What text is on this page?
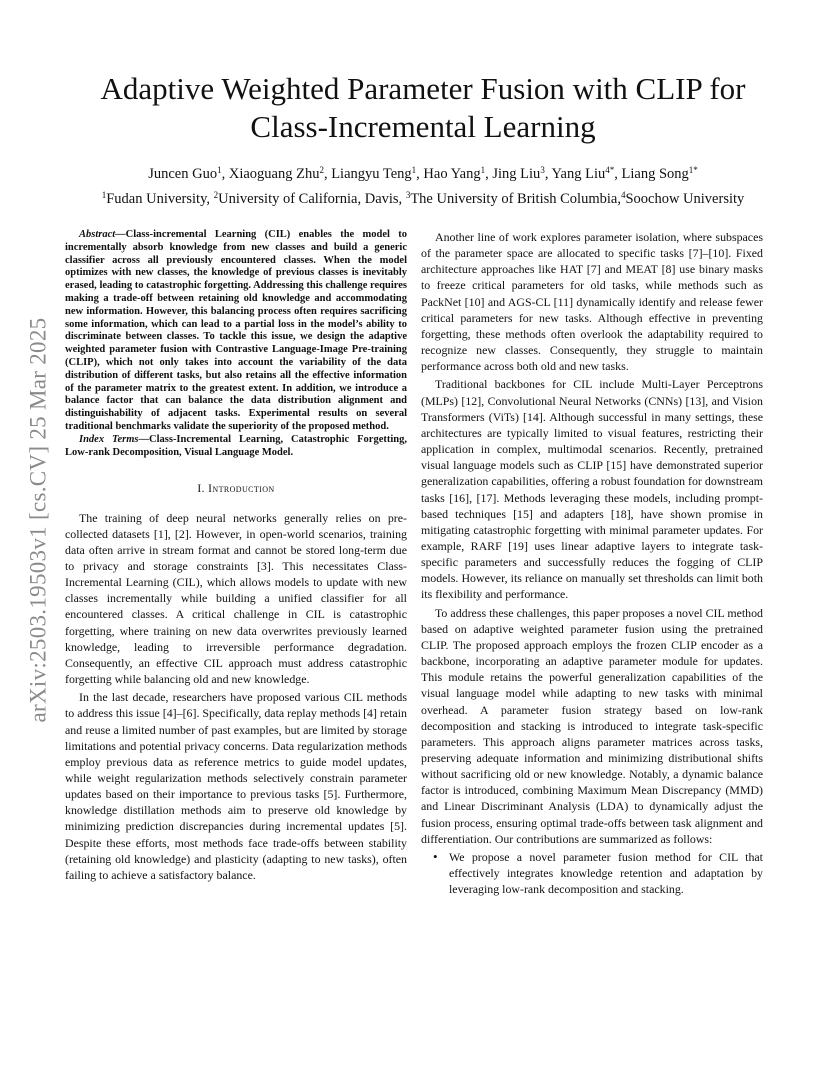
arXiv:2503.19503v1 [cs.CV] 25 Mar 2025
Adaptive Weighted Parameter Fusion with CLIP for
Class-Incremental Learning
Juncen Guo$^1$, Xiaoguang Zhu$^2$, Liangyu Teng$^1$, Hao Yang$^1$, Jing Liu$^3$, Yang Liu$^{4*}$, Liang Song$^{1*}$
$^1$Fudan University, $^2$University of California, Davis, $^3$The University of British Columbia,$^4$Soochow University

Abstract—Class-incremental Learning (CIL) enables the model to incrementally absorb knowledge from new classes and build a generic classifier across all previously encountered classes. When the model optimizes with new classes, the knowledge of previous classes is inevitably erased, leading to catastrophic forgetting. Addressing this challenge requires making a trade-off between retaining old knowledge and accommodating new information. However, this balancing process often requires sacrificing some information, which can lead to a partial loss in the model’s ability to discriminate between classes. To tackle this issue, we design the adaptive weighted parameter fusion with Contrastive Language-Image Pre-training (CLIP), which not only takes into account the variability of the data distribution of different tasks, but also retains all the effective information of the parameter matrix to the greatest extent. In addition, we introduce a balance factor that can balance the data distribution alignment and distinguishability of adjacent tasks. Experimental results on several traditional benchmarks validate the superiority of the proposed method.

Index Terms—Class-Incremental Learning, Catastrophic Forgetting, Low-rank Decomposition, Visual Language Model.

I. Introduction

The training of deep neural networks generally relies on pre-collected datasets [1], [2]. However, in open-world scenarios, training data often arrive in stream format and cannot be stored long-term due to privacy and storage constraints [3]. This necessitates Class-Incremental Learning (CIL), which allows models to update with new classes incrementally while building a unified classifier for all encountered classes. A critical challenge in CIL is catastrophic forgetting, where training on new data overwrites previously learned knowledge, leading to irreversible performance degradation. Consequently, an effective CIL approach must address catastrophic forgetting while balancing old and new knowledge.

In the last decade, researchers have proposed various CIL methods to address this issue [4]–[6]. Specifically, data replay methods [4] retain and reuse a limited number of past examples, but are limited by storage limitations and potential privacy concerns. Data regularization methods employ previous data as reference metrics to guide model updates, while weight regularization methods selectively constrain parameter updates based on their importance to previous tasks [5]. Furthermore, knowledge distillation methods aim to preserve old knowledge by minimizing prediction discrepancies during incremental updates [5]. Despite these efforts, most methods face trade-offs between stability (retaining old knowledge) and plasticity (adapting to new tasks), often failing to achieve a satisfactory balance.

Another line of work explores parameter isolation, where subspaces of the parameter space are allocated to specific tasks [7]–[10]. Fixed architecture approaches like HAT [7] and MEAT [8] use binary masks to freeze critical parameters for old tasks, while methods such as PackNet [10] and AGS-CL [11] dynamically identify and release fewer critical parameters for new tasks. Although effective in preventing forgetting, these methods often overlook the adaptability required to recognize new classes. Consequently, they struggle to maintain performance across both old and new tasks.

Traditional backbones for CIL include Multi-Layer Perceptrons (MLPs) [12], Convolutional Neural Networks (CNNs) [13], and Vision Transformers (ViTs) [14]. Although successful in many settings, these architectures are typically limited to visual features, restricting their application in complex, multimodal scenarios. Recently, pretrained visual language models such as CLIP [15] have demonstrated superior generalization capabilities, offering a robust foundation for downstream tasks [16], [17]. Methods leveraging these models, including prompt-based techniques [15] and adapters [18], have shown promise in mitigating catastrophic forgetting with minimal parameter updates. For example, RARF [19] uses linear adaptive layers to integrate task-specific parameters and successfully reduces the fogging of CLIP models. However, its reliance on manually set thresholds can limit both its flexibility and performance.

To address these challenges, this paper proposes a novel CIL method based on adaptive weighted parameter fusion using the pretrained CLIP. The proposed approach employs the frozen CLIP encoder as a backbone, incorporating an adaptive parameter module for updates. This module retains the powerful generalization capabilities of the visual language model while adapting to new tasks with minimal overhead. A parameter fusion strategy based on low-rank decomposition and stacking is introduced to integrate task-specific parameters. This approach aligns parameter matrices across tasks, preserving adequate information and minimizing distributional shifts without sacrificing old or new knowledge. Notably, a dynamic balance factor is introduced, combining Maximum Mean Discrepancy (MMD) and Linear Discriminant Analysis (LDA) to dynamically adjust the fusion process, ensuring optimal trade-offs between task alignment and differentiation. Our contributions are summarized as follows:

• We propose a novel parameter fusion method for CIL that effectively integrates knowledge retention and adaptation by leveraging low-rank decomposition and stacking.
